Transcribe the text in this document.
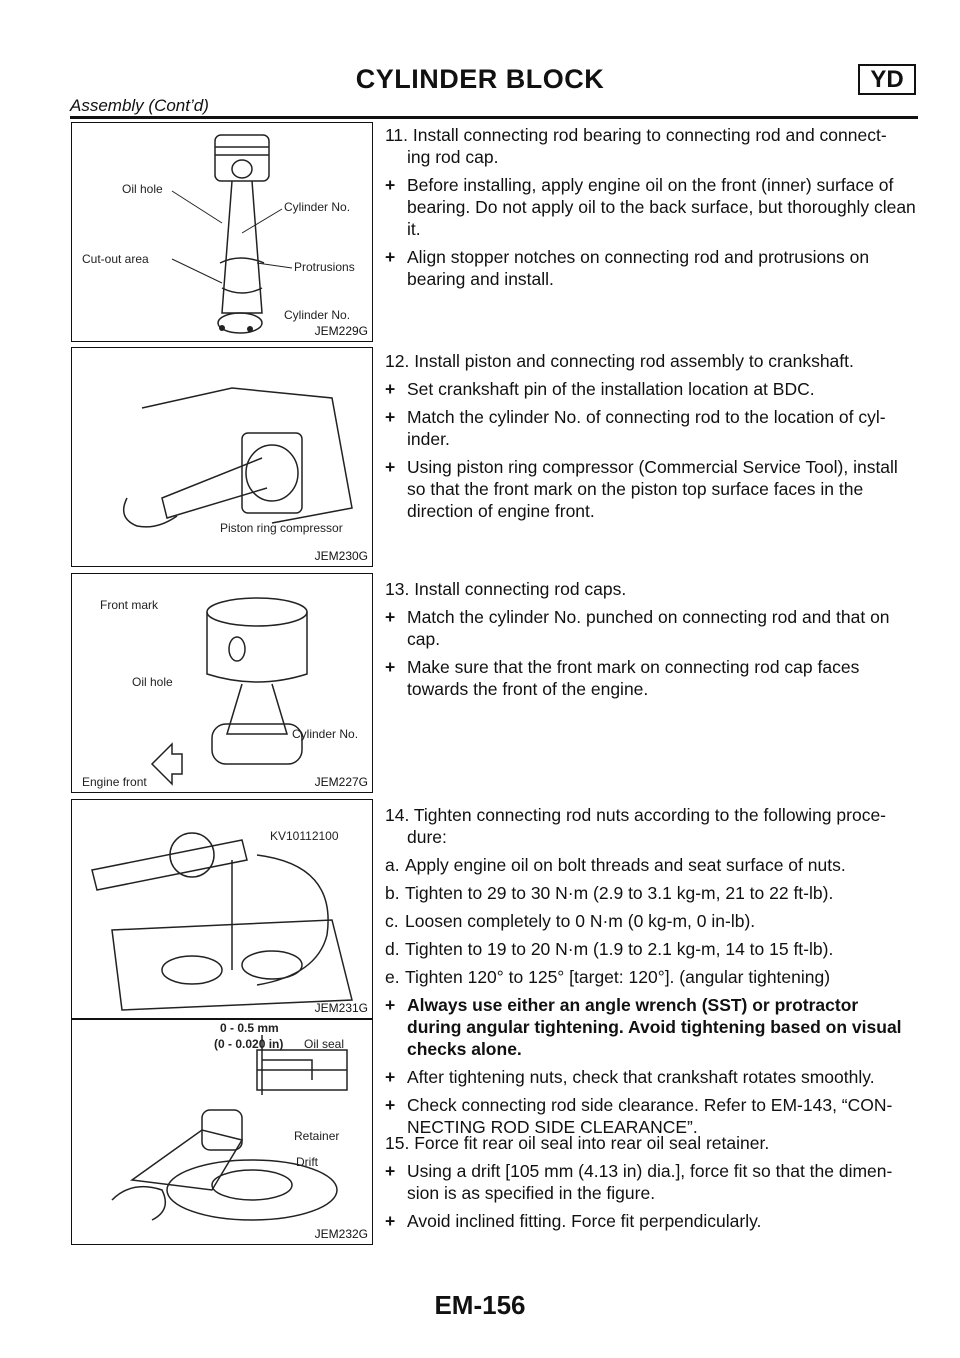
CYLINDER BLOCK	YD
Assembly (Cont’d)
Oil hole
Cylinder No.
Cut-out area
Protrusions
Cylinder No.
JEM229G
Piston ring compressor
JEM230G
Front mark
Oil hole
Cylinder No.
Engine front	JEM227G
KV10112100
JEM231G
0 - 0.5 mm
(0 - 0.020 in) Oil seal
Retainer
Drift
JEM232G

11. Install connecting rod bearing to connecting rod and connect-

ing rod cap.

+ Before installing, apply engine oil on the front (inner) surface of bearing. Do not apply oil to the back surface, but thoroughly clean it.

+ Align stopper notches on connecting rod and protrusions on bearing and install.

12. Install piston and connecting rod assembly to crankshaft.

+ Set crankshaft pin of the installation location at BDC.

+ Match the cylinder No. of connecting rod to the location of cyl- inder.

+ Using piston ring compressor (Commercial Service Tool), install so that the front mark on the piston top surface faces in the direction of engine front.

13. Install connecting rod caps.

+ Match the cylinder No. punched on connecting rod and that on cap.

+ Make sure that the front mark on connecting rod cap faces towards the front of the engine.

14. Tighten connecting rod nuts according to the following proce-

dure:

a. Apply engine oil on bolt threads and seat surface of nuts.

b. Tighten to 29 to 30 N·m (2.9 to 3.1 kg-m, 21 to 22 ft-lb).

c. Loosen completely to 0 N·m (0 kg-m, 0 in-lb).

d. Tighten to 19 to 20 N·m (1.9 to 2.1 kg-m, 14 to 15 ft-lb).

e. Tighten 120° to 125° [target: 120°]. (angular tightening)

+ Always use either an angle wrench (SST) or protractor during angular tightening. Avoid tightening based on visual checks alone.

+ After tightening nuts, check that crankshaft rotates smoothly.

+ Check connecting rod side clearance. Refer to EM-143, “CON- NECTING ROD SIDE CLEARANCE”.

15. Force fit rear oil seal into rear oil seal retainer.

+ Using a drift [105 mm (4.13 in) dia.], force fit so that the dimen- sion is as specified in the figure.

+ Avoid inclined fitting. Force fit perpendicularly.

EM-156
